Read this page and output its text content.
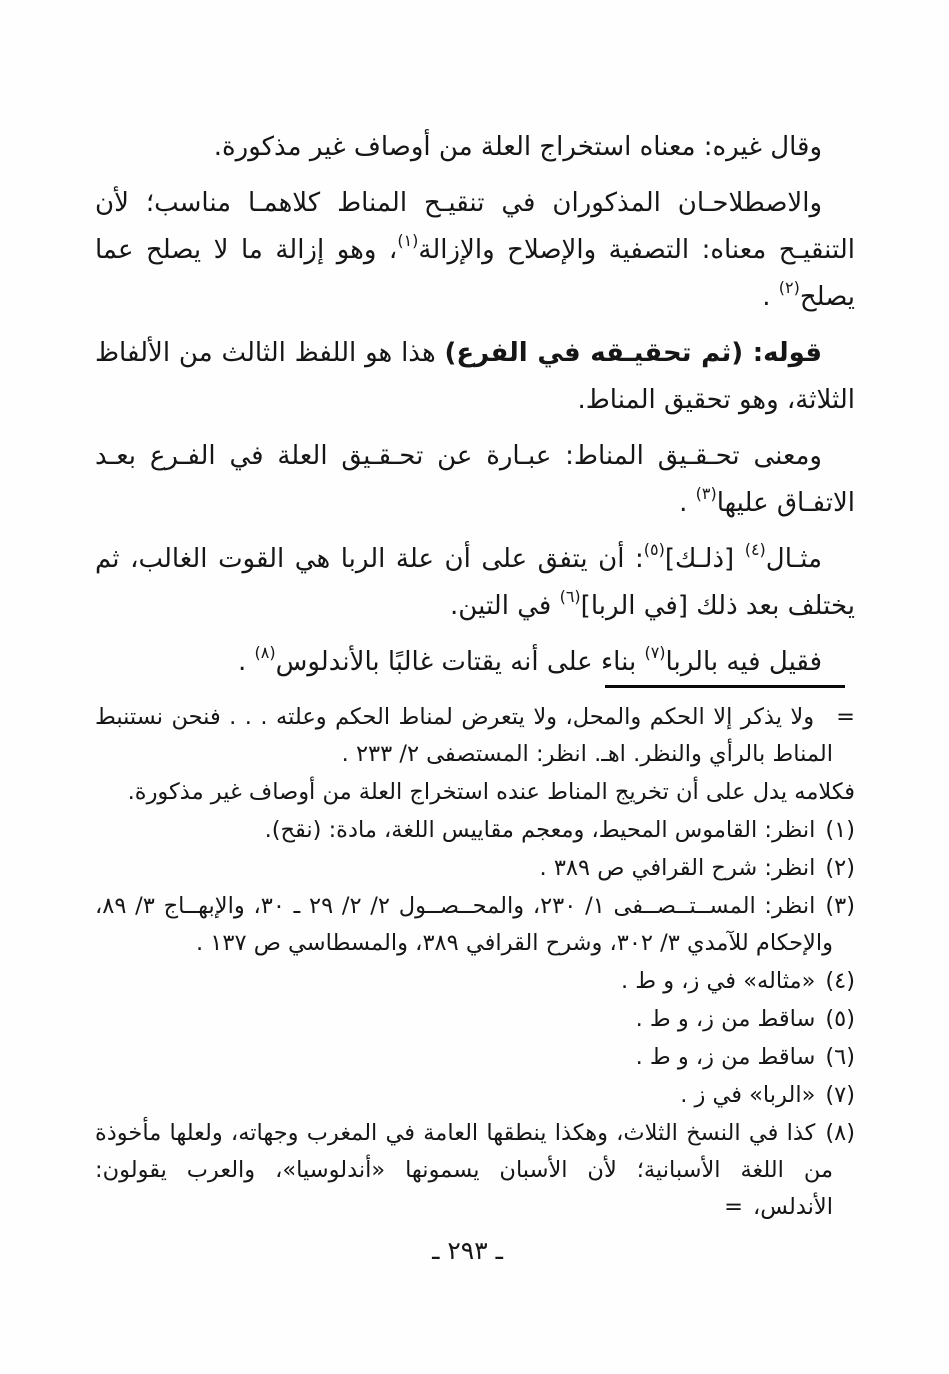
وقال غيره: معناه استخراج العلة من أوصاف غير مذكورة.

والاصطلاحـان المذكوران في تنقيـح المناط كلاهمـا مناسب؛ لأن التنقيـح معناه: التصفية والإصلاح والإزالة$^{(١)}$، وهو إزالة ما لا يصلح عما يصلح$^{(٢)}$ .

قوله: (ثم تحقيـقه في الفرع) هذا هو اللفظ الثالث من الألفاظ الثلاثة، وهو تحقيق المناط.

ومعنى تحـقـيق المناط: عبـارة عن تحـقـيق العلة في الفـرع بعـد الاتفـاق عليها$^{(٣)}$ .

مثـال$^{(٤)}$ [ذلـك]$^{(٥)}$: أن يتفق على أن علة الربا هي القوت الغالب، ثم يختلف بعد ذلك [في الربا]$^{(٦)}$ في التين.

فقيل فيه بالربا$^{(٧)}$ بناء على أنه يقتات غالبًا بالأندلوس$^{(٨)}$ .

=ولا يذكر إلا الحكم والمحل، ولا يتعرض لمناط الحكم وعلته . . . فنحن نستنبط المناط بالرأي والنظر. اهـ. انظر: المستصفى ٢/ ٢٣٣ .

فكلامه يدل على أن تخريج المناط عنده استخراج العلة من أوصاف غير مذكورة.

(١)انظر: القاموس المحيط، ومعجم مقاييس اللغة، مادة: (نقح).

(٢)انظر: شرح القرافي ص ٣٨٩ .

(٣)انظر: المســتــصــفى ١/ ٢٣٠، والمحــصــول ٢/ ٢/ ٢٩ ـ ٣٠، والإبهــاج ٣/ ٨٩، والإحكام للآمدي ٣/ ٣٠٢، وشرح القرافي ٣٨٩، والمسطاسي ص ١٣٧ .

(٤)«مثاله» في ز، و ط .

(٥)ساقط من ز، و ط .

(٦)ساقط من ز، و ط .

(٧)«الربا» في ز .

(٨)كذا في النسخ الثلاث، وهكذا ينطقها العامة في المغرب وجهاته، ولعلها مأخوذة من اللغة الأسبانية؛ لأن الأسبان يسمونها «أندلوسيا»، والعرب يقولون: الأندلس،=

ـ ٢٩٣ ـ
